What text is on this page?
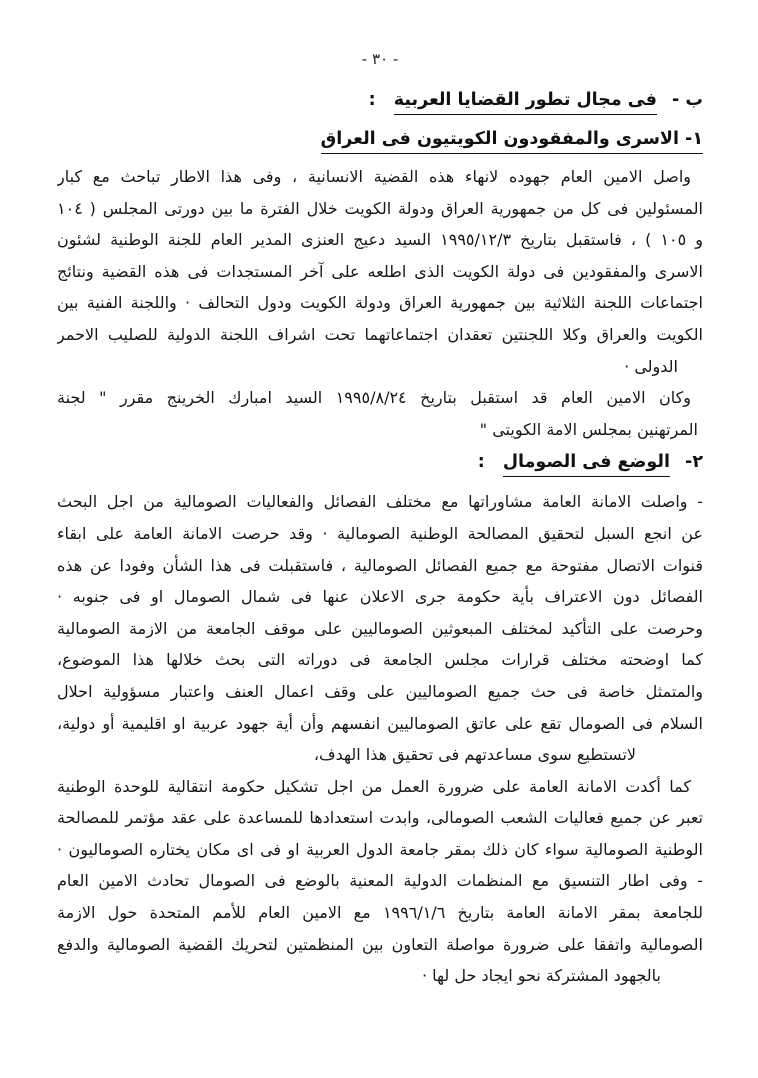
- ٣٠ -
ب - فى مجال تطور القضايا العربية :
١- الاسرى والمفقودون الكويتيون فى العراق
واصل الامين العام جهوده لانهاء هذه القضية الانسانية ، وفى هذا الاطار تباحث مع كبار
المسئولين فى كل من جمهورية العراق ودولة الكويت خلال الفترة ما بين دورتى المجلس ( ١٠٤
و ١٠٥ ) ، فاستقبل بتاريخ ١٩٩٥/١٢/٣ السيد دعيج العنزى المدير العام للجنة الوطنية لشئون
الاسرى والمفقودين فى دولة الكويت الذى اطلعه على آخر المستجدات فى هذه القضية ونتائج
اجتماعات اللجنة الثلاثية بين جمهورية العراق ودولة الكويت ودول التحالف · واللجنة الفنية بين
الكويت والعراق وكلا اللجنتين تعقدان اجتماعاتهما تحت اشراف اللجنة الدولية للصليب الاحمر
الدولى ·
وكان الامين العام قد استقبل بتاريخ ١٩٩٥/٨/٢٤ السيد امبارك الخرينج مقرر " لجنة
المرتهنين بمجلس الامة الكويتى "
٢- الوضع فى الصومال :
- واصلت الامانة العامة مشاوراتها مع مختلف الفصائل والفعاليات الصومالية من اجل البحث
عن انجع السبل لتحقيق المصالحة الوطنية الصومالية · وقد حرصت الامانة العامة على ابقاء
قنوات الاتصال مفتوحة مع جميع الفصائل الصومالية ، فاستقبلت فى هذا الشأن وفودا عن هذه
الفصائل دون الاعتراف بأية حكومة جرى الاعلان عنها فى شمال الصومال او فى جنوبه ·
وحرصت على التأكيد لمختلف المبعوثين الصوماليين على موقف الجامعة من الازمة الصومالية
كما اوضحته مختلف قرارات مجلس الجامعة فى دوراته التى بحث خلالها هذا الموضوع،
والمتمثل خاصة فى حث جميع الصوماليين على وقف اعمال العنف واعتبار مسؤولية احلال
السلام فى الصومال تقع على عاتق الصوماليين انفسهم وأن أية جهود عربية او اقليمية أو دولية،
لاتستطيع سوى مساعدتهم فى تحقيق هذا الهدف،
كما أكدت الامانة العامة على ضرورة العمل من اجل تشكيل حكومة انتقالية للوحدة الوطنية
تعبر عن جميع فعاليات الشعب الصومالى، وابدت استعدادها للمساعدة على عقد مؤتمر للمصالحة
الوطنية الصومالية سواء كان ذلك بمقر جامعة الدول العربية او فى اى مكان يختاره الصوماليون ·
- وفى اطار التنسيق مع المنظمات الدولية المعنية بالوضع فى الصومال تحادث الامين العام
للجامعة بمقر الامانة العامة بتاريخ ١٩٩٦/١/٦ مع الامين العام للأمم المتحدة حول الازمة
الصومالية واتفقا على ضرورة مواصلة التعاون بين المنظمتين لتحريك القضية الصومالية والدفع
بالجهود المشتركة نحو ايجاد حل لها ·
